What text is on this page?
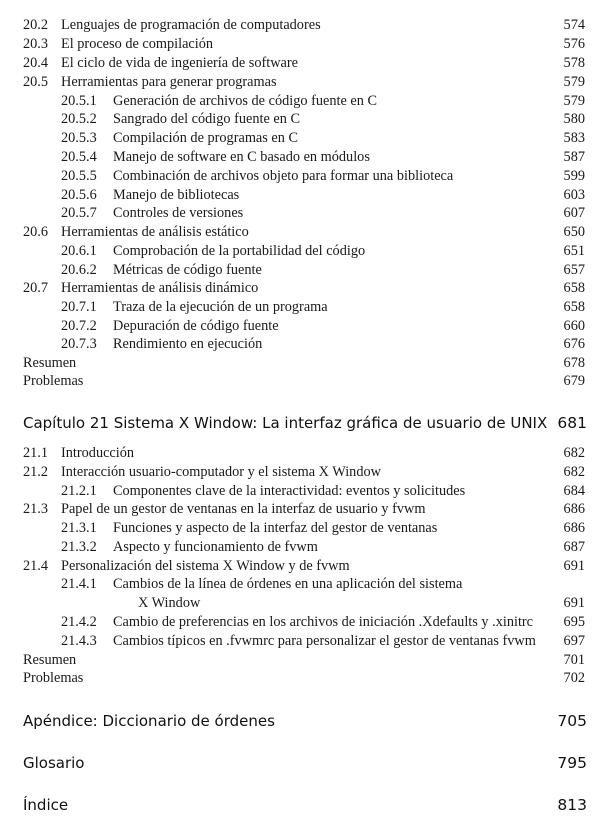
20.2 Lenguajes de programación de computadores	574
20.3 El proceso de compilación	576
20.4 El ciclo de vida de ingeniería de software	578
20.5 Herramientas para generar programas	579
20.5.1 Generación de archivos de código fuente en C	579
20.5.2 Sangrado del código fuente en C	580
20.5.3 Compilación de programas en C	583
20.5.4 Manejo de software en C basado en módulos	587
20.5.5 Combinación de archivos objeto para formar una biblioteca	599
20.5.6 Manejo de bibliotecas	603
20.5.7 Controles de versiones	607
20.6 Herramientas de análisis estático	650
20.6.1 Comprobación de la portabilidad del código	651
20.6.2 Métricas de código fuente	657
20.7 Herramientas de análisis dinámico	658
20.7.1 Traza de la ejecución de un programa	658
20.7.2 Depuración de código fuente	660
20.7.3 Rendimiento en ejecución	676
Resumen	678
Problemas	679
Capítulo 21 Sistema X Window: La interfaz gráfica de usuario de UNIX 681
21.1 Introducción	682
21.2 Interacción usuario-computador y el sistema X Window	682
21.2.1 Componentes clave de la interactividad: eventos y solicitudes	684
21.3 Papel de un gestor de ventanas en la interfaz de usuario y fvwm	686
21.3.1 Funciones y aspecto de la interfaz del gestor de ventanas	686
21.3.2 Aspecto y funcionamiento de fvwm	687
21.4 Personalización del sistema X Window y de fvwm	691
21.4.1 Cambios de la línea de órdenes en una aplicación del sistema
X Window	691
21.4.2 Cambio de preferencias en los archivos de iniciación .Xdefaults y .xinitrc 695
21.4.3 Cambios típicos en .fvwmrc para personalizar el gestor de ventanas fvwm 697
Resumen	701
Problemas	702
Apéndice: Diccionario de órdenes	705
Glosario	795
Índice	813
